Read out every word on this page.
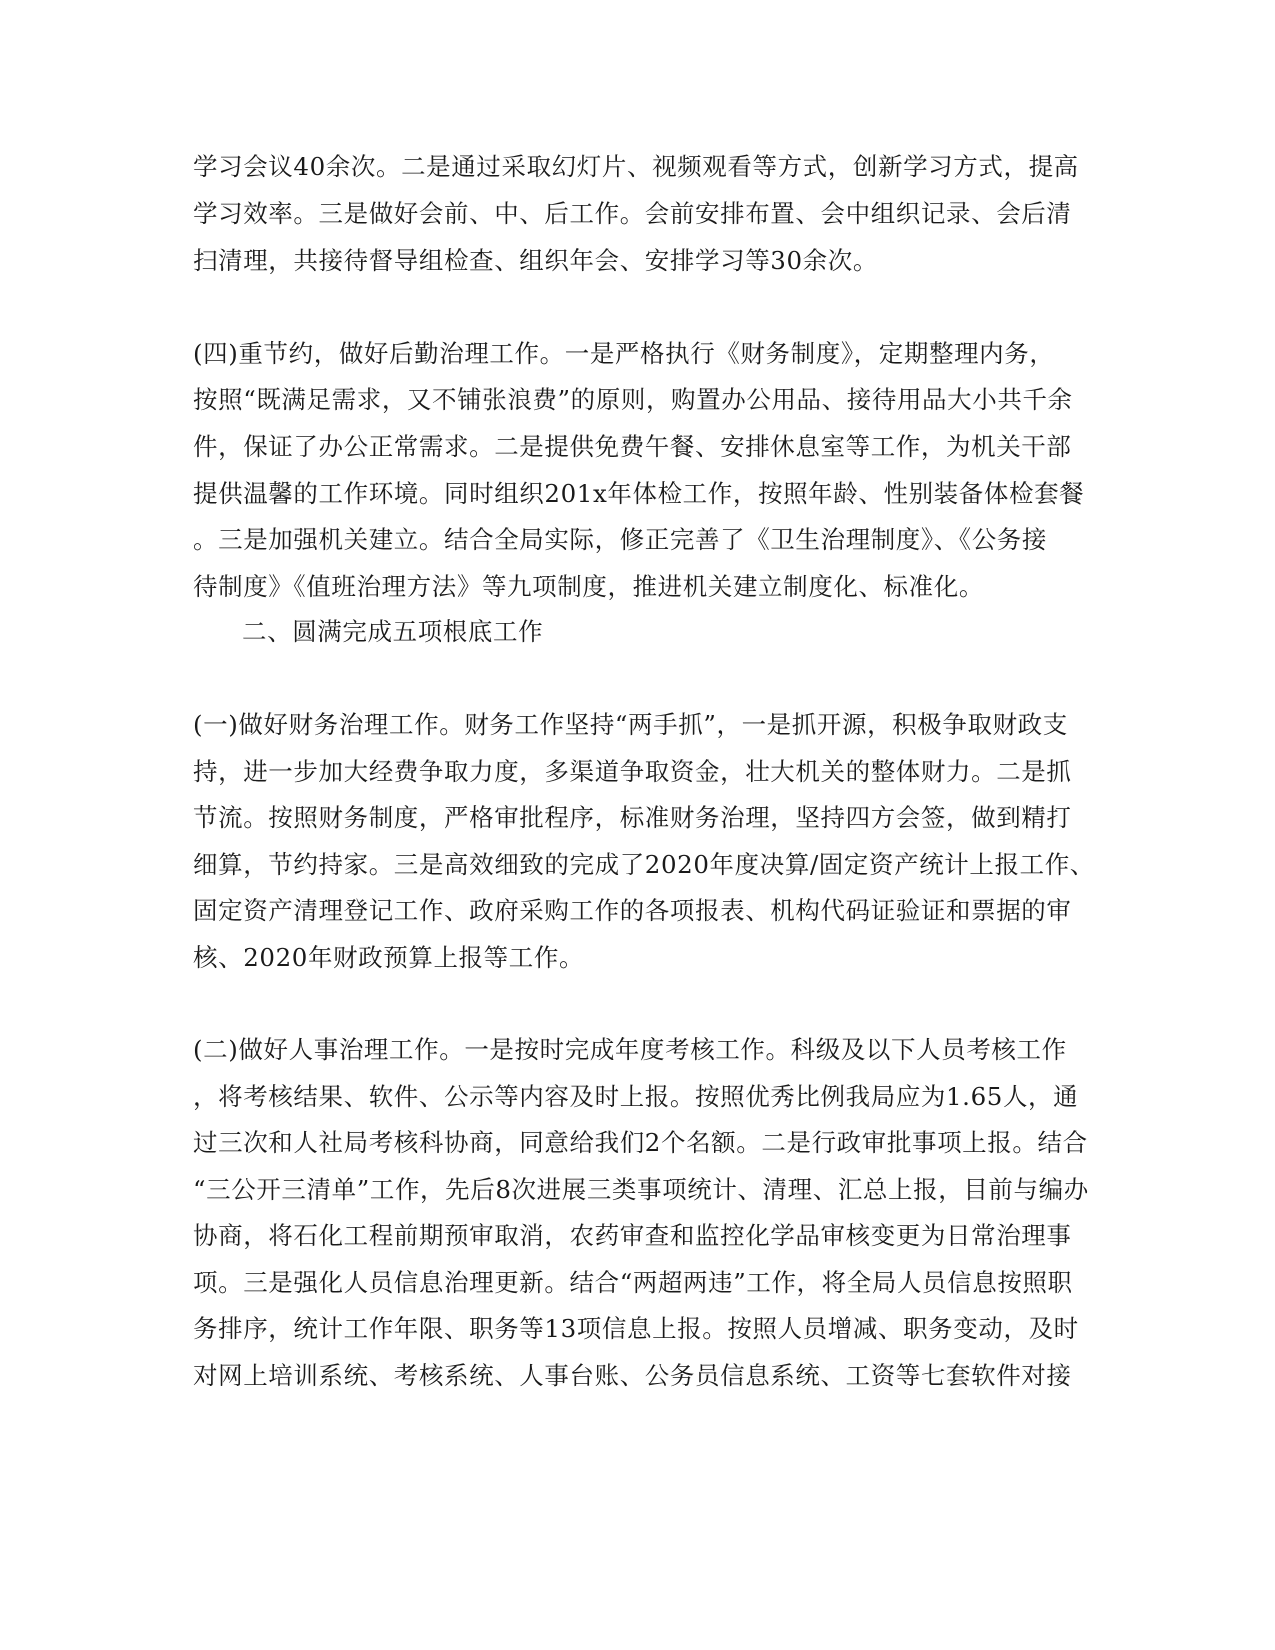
学习会议40余次。二是通过采取幻灯片、视频观看等方式，创新学习方式，提高

学习效率。三是做好会前、中、后工作。会前安排布置、会中组织记录、会后清

扫清理，共接待督导组检查、组织年会、安排学习等30余次。

(四)重节约，做好后勤治理工作。一是严格执行《财务制度》，定期整理内务，

按照“既满足需求，又不铺张浪费”的原则，购置办公用品、接待用品大小共千余

件，保证了办公正常需求。二是提供免费午餐、安排休息室等工作，为机关干部

提供温馨的工作环境。同时组织201x年体检工作，按照年龄、性别装备体检套餐

。三是加强机关建立。结合全局实际，修正完善了《卫生治理制度》、《公务接

待制度》《值班治理方法》等九项制度，推进机关建立制度化、标准化。

二、圆满完成五项根底工作

(一)做好财务治理工作。财务工作坚持“两手抓”，一是抓开源，积极争取财政支

持，进一步加大经费争取力度，多渠道争取资金，壮大机关的整体财力。二是抓

节流。按照财务制度，严格审批程序，标准财务治理，坚持四方会签，做到精打

细算，节约持家。三是高效细致的完成了2020年度决算/固定资产统计上报工作、

固定资产清理登记工作、政府采购工作的各项报表、机构代码证验证和票据的审

核、2020年财政预算上报等工作。

(二)做好人事治理工作。一是按时完成年度考核工作。科级及以下人员考核工作

，将考核结果、软件、公示等内容及时上报。按照优秀比例我局应为1.65人，通

过三次和人社局考核科协商，同意给我们2个名额。二是行政审批事项上报。结合

“三公开三清单”工作，先后8次进展三类事项统计、清理、汇总上报，目前与编办

协商，将石化工程前期预审取消，农药审查和监控化学品审核变更为日常治理事

项。三是强化人员信息治理更新。结合“两超两违”工作，将全局人员信息按照职

务排序，统计工作年限、职务等13项信息上报。按照人员增减、职务变动，及时

对网上培训系统、考核系统、人事台账、公务员信息系统、工资等七套软件对接
